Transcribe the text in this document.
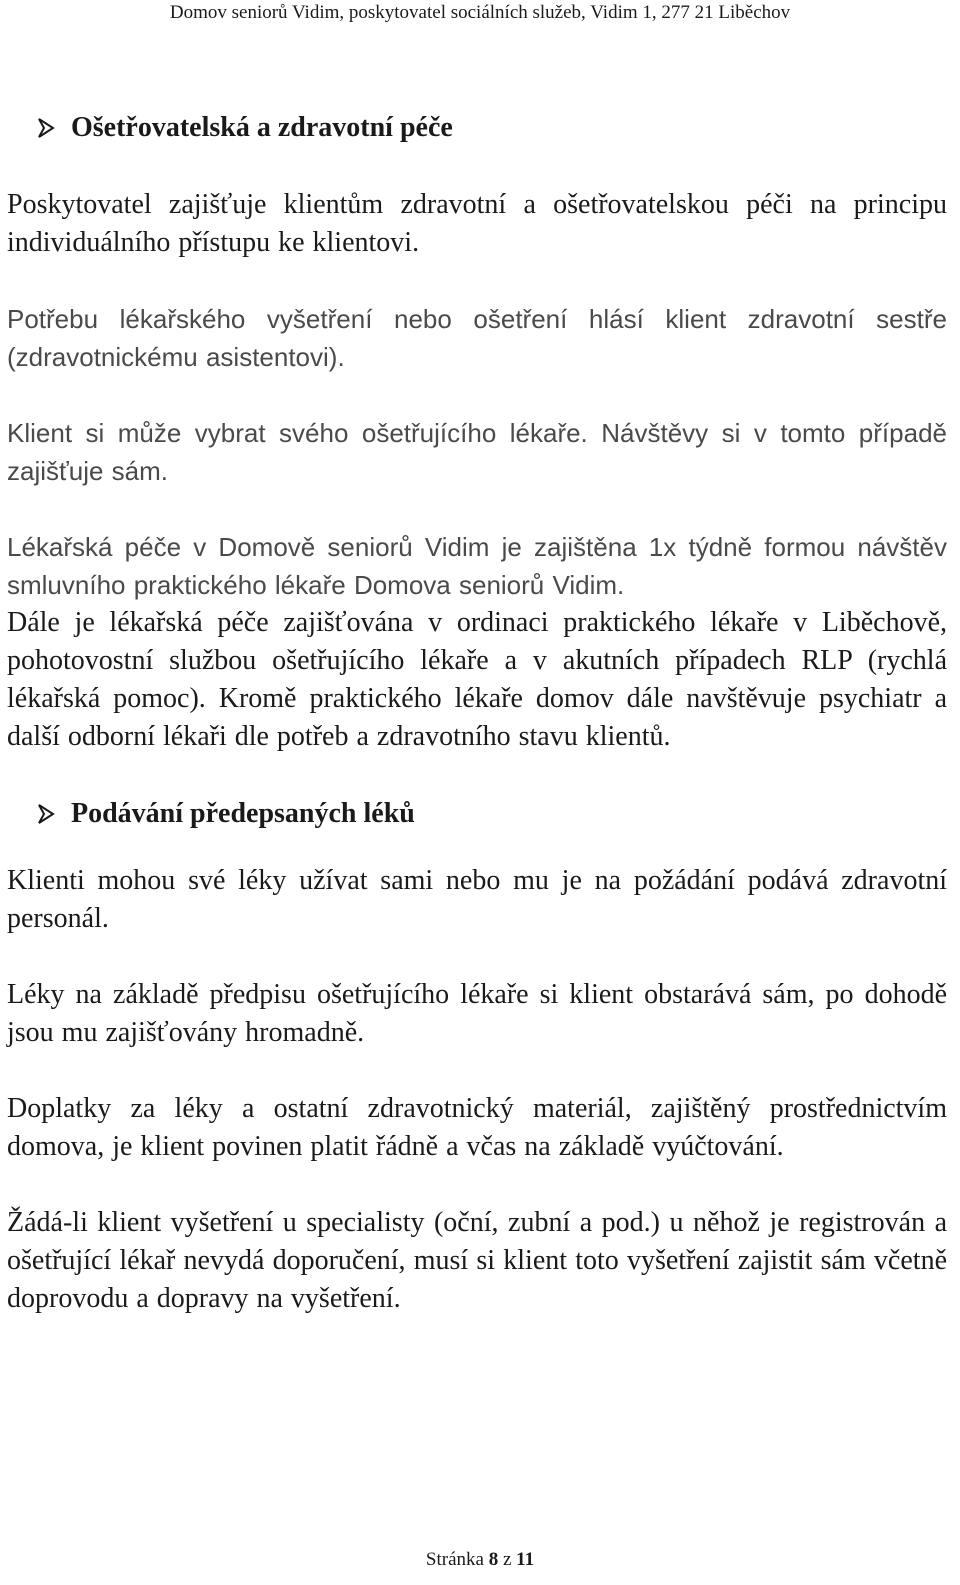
Domov seniorů Vidim, poskytovatel sociálních služeb, Vidim 1, 277 21 Liběchov
Ošetřovatelská a zdravotní péče

Poskytovatel zajišťuje klientům zdravotní a ošetřovatelskou péči na principu individuálního přístupu ke klientovi.

Potřebu lékařského vyšetření nebo ošetření hlásí klient zdravotní sestře (zdravotnickému asistentovi).

Klient si může vybrat svého ošetřujícího lékaře. Návštěvy si v tomto případě zajišťuje sám.

Lékařská péče v Domově seniorů Vidim je zajištěna 1x týdně formou návštěv smluvního praktického lékaře Domova seniorů Vidim.

Dále je lékařská péče zajišťována v ordinaci praktického lékaře v Liběchově, pohotovostní službou ošetřujícího lékaře a v akutních případech RLP (rychlá lékařská pomoc). Kromě praktického lékaře domov dále navštěvuje psychiatr a další odborní lékaři dle potřeb a zdravotního stavu klientů.

Podávání předepsaných léků

Klienti mohou své léky užívat sami nebo mu je na požádání podává zdravotní personál.

Léky na základě předpisu ošetřujícího lékaře si klient obstarává sám, po dohodě jsou mu zajišťovány hromadně.

Doplatky za léky a ostatní zdravotnický materiál, zajištěný prostřednictvím domova, je klient povinen platit řádně a včas na základě vyúčtování.

Žádá-li klient vyšetření u specialisty (oční, zubní a pod.) u něhož je registrován a ošetřující lékař nevydá doporučení, musí si klient toto vyšetření zajistit sám včetně doprovodu a dopravy na vyšetření.

Stránka 8 z 11
